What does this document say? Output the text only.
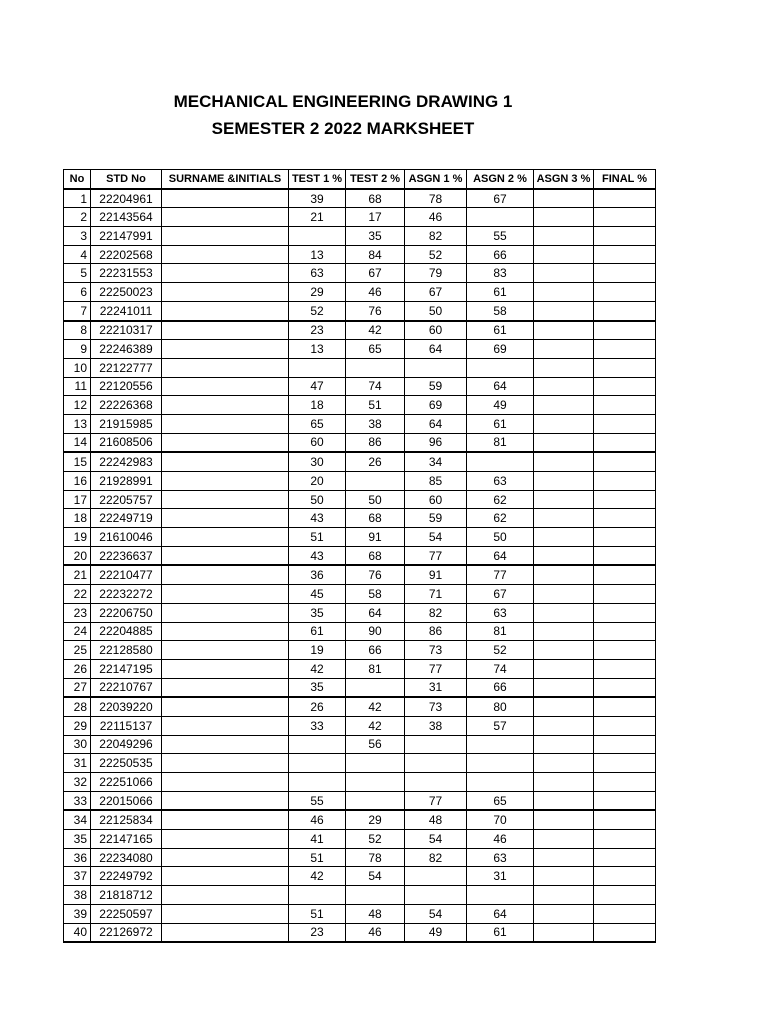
MECHANICAL ENGINEERING DRAWING 1
SEMESTER 2 2022 MARKSHEET
No	STD No	SURNAME &INITIALS	TEST 1 %	TEST 2 %	ASGN 1 %	ASGN 2 %	ASGN 3 %	FINAL %
1	22204961		39	68	78	67		
2	22143564		21	17	46			
3	22147991			35	82	55		
4	22202568		13	84	52	66		
5	22231553		63	67	79	83		
6	22250023		29	46	67	61		
7	22241011		52	76	50	58		
8	22210317		23	42	60	61		
9	22246389		13	65	64	69		
10	22122777							
11	22120556		47	74	59	64		
12	22226368		18	51	69	49		
13	21915985		65	38	64	61		
14	21608506		60	86	96	81		
15	22242983		30	26	34			
16	21928991		20		85	63		
17	22205757		50	50	60	62		
18	22249719		43	68	59	62		
19	21610046		51	91	54	50		
20	22236637		43	68	77	64		
21	22210477		36	76	91	77		
22	22232272		45	58	71	67		
23	22206750		35	64	82	63		
24	22204885		61	90	86	81		
25	22128580		19	66	73	52		
26	22147195		42	81	77	74		
27	22210767		35		31	66		
28	22039220		26	42	73	80		
29	22115137		33	42	38	57		
30	22049296			56				
31	22250535							
32	22251066							
33	22015066		55		77	65		
34	22125834		46	29	48	70		
35	22147165		41	52	54	46		
36	22234080		51	78	82	63		
37	22249792		42	54		31		
38	21818712							
39	22250597		51	48	54	64		
40	22126972		23	46	49	61		
